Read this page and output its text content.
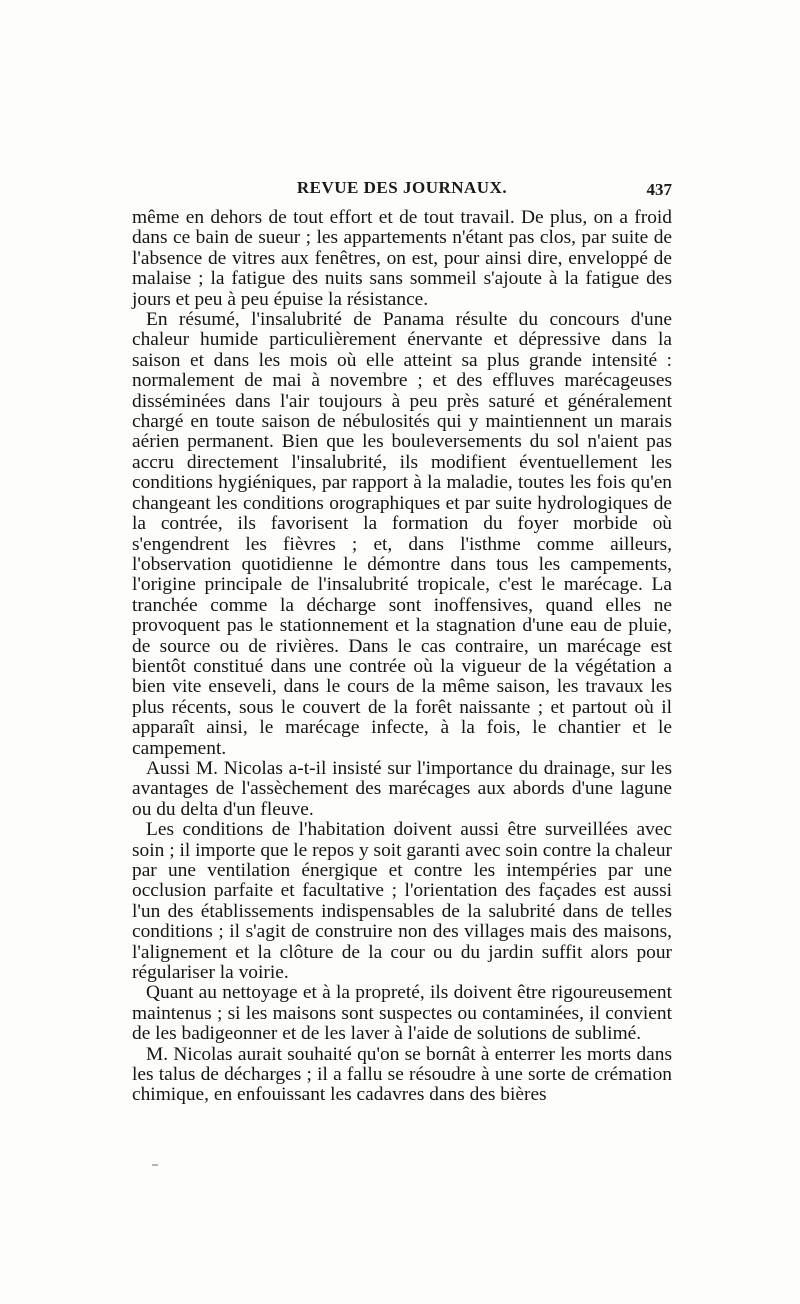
REVUE DES JOURNAUX.	437

même en dehors de tout effort et de tout travail. De plus, on a froid dans ce bain de sueur ; les appartements n'étant pas clos, par suite de l'absence de vitres aux fenêtres, on est, pour ainsi dire, enveloppé de malaise ; la fatigue des nuits sans sommeil s'ajoute à la fatigue des jours et peu à peu épuise la résistance.

En résumé, l'insalubrité de Panama résulte du concours d'une chaleur humide particulièrement énervante et dépressive dans la saison et dans les mois où elle atteint sa plus grande intensité : normalement de mai à novembre ; et des effluves marécageuses disséminées dans l'air toujours à peu près saturé et généralement chargé en toute saison de nébulosités qui y maintiennent un marais aérien permanent. Bien que les bouleversements du sol n'aient pas accru directement l'insalubrité, ils modifient éventuellement les conditions hygiéniques, par rapport à la maladie, toutes les fois qu'en changeant les conditions orographiques et par suite hydrologiques de la contrée, ils favorisent la formation du foyer morbide où s'engendrent les fièvres ; et, dans l'isthme comme ailleurs, l'observation quotidienne le démontre dans tous les campements, l'origine principale de l'insalubrité tropicale, c'est le marécage. La tranchée comme la décharge sont inoffensives, quand elles ne provoquent pas le stationnement et la stagnation d'une eau de pluie, de source ou de rivières. Dans le cas contraire, un marécage est bientôt constitué dans une contrée où la vigueur de la végétation a bien vite enseveli, dans le cours de la même saison, les travaux les plus récents, sous le couvert de la forêt naissante ; et partout où il apparaît ainsi, le marécage infecte, à la fois, le chantier et le campement.

Aussi M. Nicolas a-t-il insisté sur l'importance du drainage, sur les avantages de l'assèchement des marécages aux abords d'une lagune ou du delta d'un fleuve.

Les conditions de l'habitation doivent aussi être surveillées avec soin ; il importe que le repos y soit garanti avec soin contre la chaleur par une ventilation énergique et contre les intempéries par une occlusion parfaite et facultative ; l'orientation des façades est aussi l'un des établissements indispensables de la salubrité dans de telles conditions ; il s'agit de construire non des villages mais des maisons, l'alignement et la clôture de la cour ou du jardin suffit alors pour régulariser la voirie.

Quant au nettoyage et à la propreté, ils doivent être rigoureusement maintenus ; si les maisons sont suspectes ou contaminées, il convient de les badigeonner et de les laver à l'aide de solutions de sublimé.

M. Nicolas aurait souhaité qu'on se bornât à enterrer les morts dans les talus de décharges ; il a fallu se résoudre à une sorte de crémation chimique, en enfouissant les cadavres dans des bières
